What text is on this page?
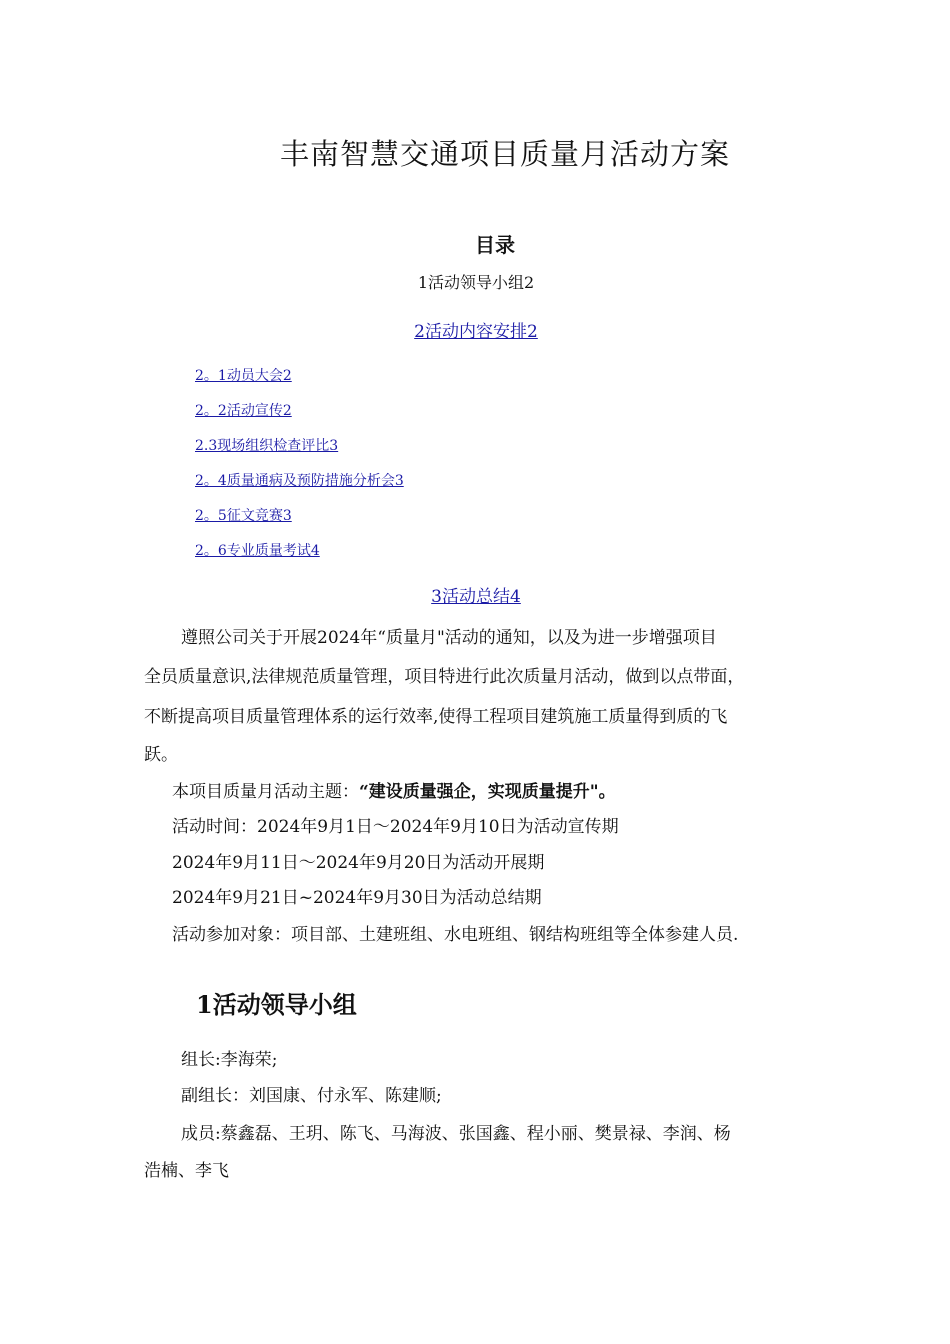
丰南智慧交通项目质量月活动方案
目录
1活动领导小组2
2活动内容安排2
2。1动员大会2
2。2活动宣传2
2.3现场组织检查评比3
2。4质量通病及预防措施分析会3
2。5征文竞赛3
2。6专业质量考试4
3活动总结4
遵照公司关于开展2024年“质量月"活动的通知，以及为进一步增强项目
全员质量意识,法律规范质量管理，项目特进行此次质量月活动，做到以点带面，
不断提高项目质量管理体系的运行效率,使得工程项目建筑施工质量得到质的飞
跃。
本项目质量月活动主题：“建设质量强企，实现质量提升"。
活动时间：2024年9月1日～2024年9月10日为活动宣传期
2024年9月11日～2024年9月20日为活动开展期
2024年9月21日~2024年9月30日为活动总结期
活动参加对象：项目部、土建班组、水电班组、钢结构班组等全体参建人员.
1活动领导小组
组长:李海荣;
副组长：刘国康、付永军、陈建顺;
成员:蔡鑫磊、王玥、陈飞、马海波、张国鑫、程小丽、樊景禄、李润、杨
浩楠、李飞
